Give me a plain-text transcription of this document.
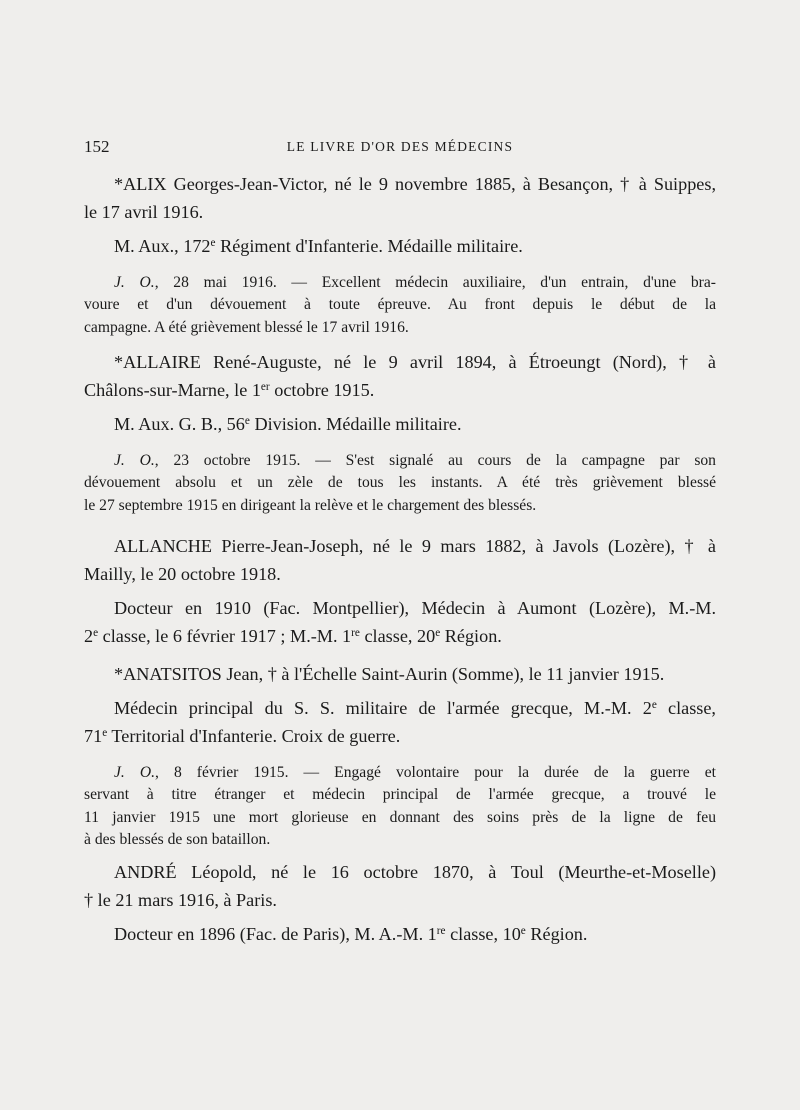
152	LE LIVRE D'OR DES MÉDECINS
*ALIX Georges-Jean-Victor, né le 9 novembre 1885, à Besançon, † à Suippes,
le 17 avril 1916.
M. Aux., 172e Régiment d'Infanterie. Médaille militaire.
J. O., 28 mai 1916. — Excellent médecin auxiliaire, d'un entrain, d'une bra-
voure et d'un dévouement à toute épreuve. Au front depuis le début de la
campagne. A été grièvement blessé le 17 avril 1916.
*ALLAIRE René-Auguste, né le 9 avril 1894, à Étroeungt (Nord), † à
Châlons-sur-Marne, le 1er octobre 1915.
M. Aux. G. B., 56e Division. Médaille militaire.
J. O., 23 octobre 1915. — S'est signalé au cours de la campagne par son
dévouement absolu et un zèle de tous les instants. A été très grièvement blessé
le 27 septembre 1915 en dirigeant la relève et le chargement des blessés.
ALLANCHE Pierre-Jean-Joseph, né le 9 mars 1882, à Javols (Lozère), † à
Mailly, le 20 octobre 1918.
Docteur en 1910 (Fac. Montpellier), Médecin à Aumont (Lozère), M.-M.
2e classe, le 6 février 1917 ; M.-M. 1re classe, 20e Région.
*ANATSITOS Jean, † à l'Échelle Saint-Aurin (Somme), le 11 janvier 1915.
Médecin principal du S. S. militaire de l'armée grecque, M.-M. 2e classe,
71e Territorial d'Infanterie. Croix de guerre.
J. O., 8 février 1915. — Engagé volontaire pour la durée de la guerre et
servant à titre étranger et médecin principal de l'armée grecque, a trouvé le
11 janvier 1915 une mort glorieuse en donnant des soins près de la ligne de feu
à des blessés de son bataillon.
ANDRÉ Léopold, né le 16 octobre 1870, à Toul (Meurthe-et-Moselle)
† le 21 mars 1916, à Paris.
Docteur en 1896 (Fac. de Paris), M. A.-M. 1re classe, 10e Région.
